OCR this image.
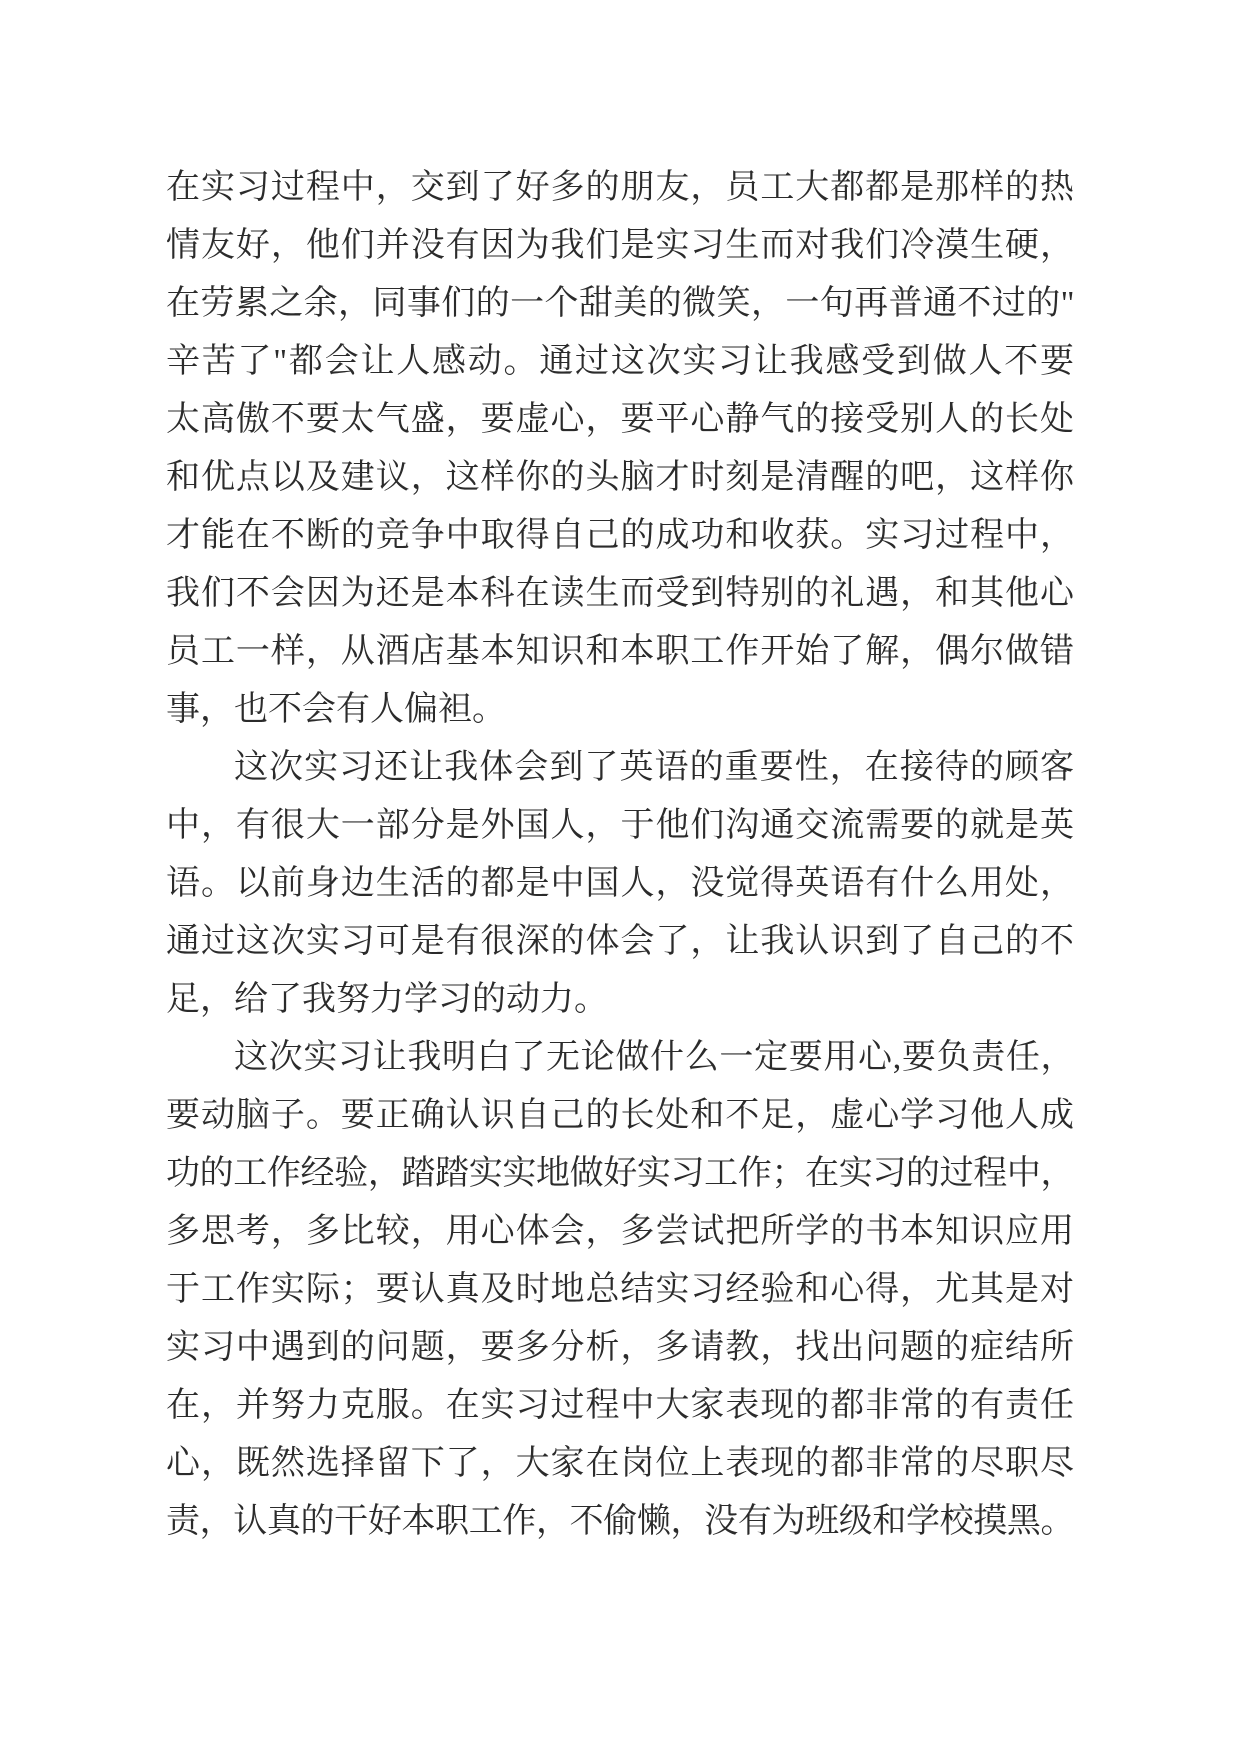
在实习过程中，交到了好多的朋友，员工大都都是那样的热
情友好，他们并没有因为我们是实习生而对我们冷漠生硬，
在劳累之余，同事们的一个甜美的微笑，一句再普通不过的"
辛苦了"都会让人感动。通过这次实习让我感受到做人不要
太高傲不要太气盛，要虚心，要平心静气的接受别人的长处
和优点以及建议，这样你的头脑才时刻是清醒的吧，这样你
才能在不断的竞争中取得自己的成功和收获。实习过程中，
我们不会因为还是本科在读生而受到特别的礼遇，和其他心
员工一样，从酒店基本知识和本职工作开始了解，偶尔做错
事，也不会有人偏袒。
这次实习还让我体会到了英语的重要性，在接待的顾客
中，有很大一部分是外国人，于他们沟通交流需要的就是英
语。以前身边生活的都是中国人，没觉得英语有什么用处，
通过这次实习可是有很深的体会了，让我认识到了自己的不
足，给了我努力学习的动力。
这次实习让我明白了无论做什么一定要用心,要负责任，
要动脑子。要正确认识自己的长处和不足，虚心学习他人成
功的工作经验，踏踏实实地做好实习工作；在实习的过程中，
多思考，多比较，用心体会，多尝试把所学的书本知识应用
于工作实际；要认真及时地总结实习经验和心得，尤其是对
实习中遇到的问题，要多分析，多请教，找出问题的症结所
在，并努力克服。在实习过程中大家表现的都非常的有责任
心，既然选择留下了，大家在岗位上表现的都非常的尽职尽
责，认真的干好本职工作，不偷懒，没有为班级和学校摸黑。
